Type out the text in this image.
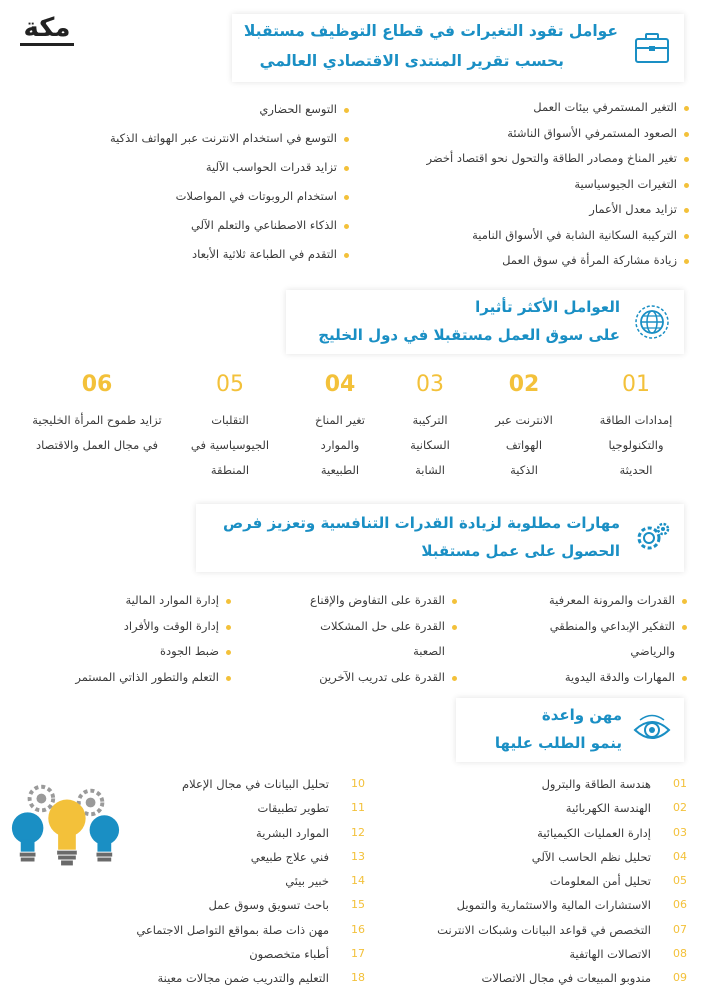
مكة	عوامل تقود التغيرات في قطاع التوظيف مستقبلا
بحسب تقرير المنتدى الاقتصادي العالمي
التغير المستمرفي بيئات العمل
الصعود المستمرفي الأسواق الناشئة
تغير المناخ ومصادر الطاقة والتحول نحو اقتصاد أخضر
التغيرات الجيوسياسية
تزايد معدل الأعمار
التركيبة السكانية الشابة في الأسواق النامية
زيادة مشاركة المرأة في سوق العمل
التوسع الحضاري
التوسع في استخدام الانترنت عبر الهواتف الذكية
تزايد قدرات الحواسب الآلية
استخدام الروبوتات في المواصلات
الذكاء الاصطناعي والتعلم الآلي
التقدم في الطباعة ثلاثية الأبعاد
العوامل الأكثر تأثيرا
على سوق العمل مستقبلا في دول الخليج
01
إمدادات الطاقة والتكنولوجيا الحديثة
02
الانترنت عبر الهواتف الذكية
03
التركيبة السكانية الشابة
04
تغير المناخ والموارد الطبيعية
05
التقلبات الجيوسياسية في المنطقة
06
تزايد طموح المرأة الخليجية في مجال العمل والاقتصاد
مهارات مطلوبة لزيادة القدرات التنافسية وتعزيز فرص
الحصول على عمل مستقبلا
القدرات والمرونة المعرفية
التفكير الإبداعي والمنطقي
والرياضي
المهارات والدقة اليدوية
القدرة على التفاوض والإقناع
القدرة على حل المشكلات
الصعبة
القدرة على تدريب الآخرين
إدارة الموارد المالية
إدارة الوقت والأفراد
ضبط الجودة
التعلم والتطور الذاتي المستمر
مهن واعدة
ينمو الطلب عليها
01
هندسة الطاقة والبترول
02
الهندسة الكهربائية
03
إدارة العمليات الكيميائية
04
تحليل نظم الحاسب الآلي
05
تحليل أمن المعلومات
06
الاستشارات المالية والاستثمارية والتمويل
07
التخصص في قواعد البيانات وشبكات الانترنت
08
الاتصالات الهاتفية
09
مندوبو المبيعات في مجال الاتصالات
10
تحليل البيانات في مجال الإعلام
11
تطوير تطبيقات
12
الموارد البشرية
13
فني علاج طبيعي
14
خبير بيئي
15
باحث تسويق وسوق عمل
16
مهن ذات صلة بمواقع التواصل الاجتماعي
17
أطباء متخصصون
18
التعليم والتدريب ضمن مجالات معينة
